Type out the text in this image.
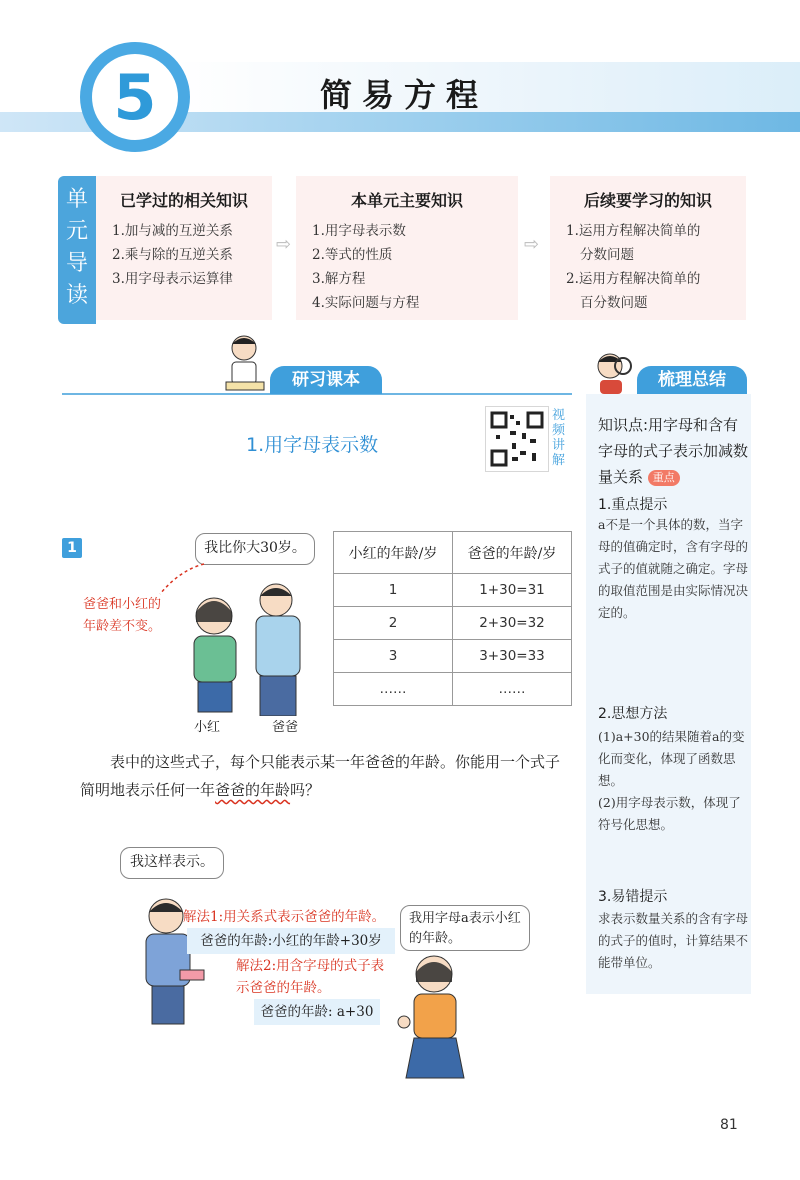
5	简易方程
单元导读
已学过的相关知识
1.加与减的互逆关系
2.乘与除的互逆关系
3.用字母表示运算律
⇨
本单元主要知识
1.用字母表示数
2.等式的性质
3.解方程
4.实际问题与方程
⇨
后续要学习的知识
1.运用方程解决简单的
分数问题
2.运用方程解决简单的
百分数问题
研习课本	梳理总结
1.用字母表示数
视频讲解
1	我比你大30岁。
爸爸和小红的
年龄差不变。
小红	爸爸
小红的年龄/岁	爸爸的年龄/岁
1	1+30=31
2	2+30=32
3	3+30=33
……	……
表中的这些式子，每个只能表示某一年爸爸的年龄。你能用一个式子简明地表示任何一年爸爸的年龄吗？
我这样表示。
解法1:用关系式表示爸爸的年龄。
爸爸的年龄:小红的年龄+30岁
解法2:用含字母的式子表示爸爸的年龄。
爸爸的年龄: a+30
我用字母a表示小红的年龄。
知识点:用字母和含有字母的式子表示加减数量关系 重点
1.重点提示
a不是一个具体的数，当字母的值确定时，含有字母的式子的值就随之确定。字母的取值范围是由实际情况决定的。
2.思想方法
(1)a+30的结果随着a的变化而变化，体现了函数思想。
(2)用字母表示数，体现了符号化思想。
3.易错提示
求表示数量关系的含有字母的式子的值时，计算结果不能带单位。
81
